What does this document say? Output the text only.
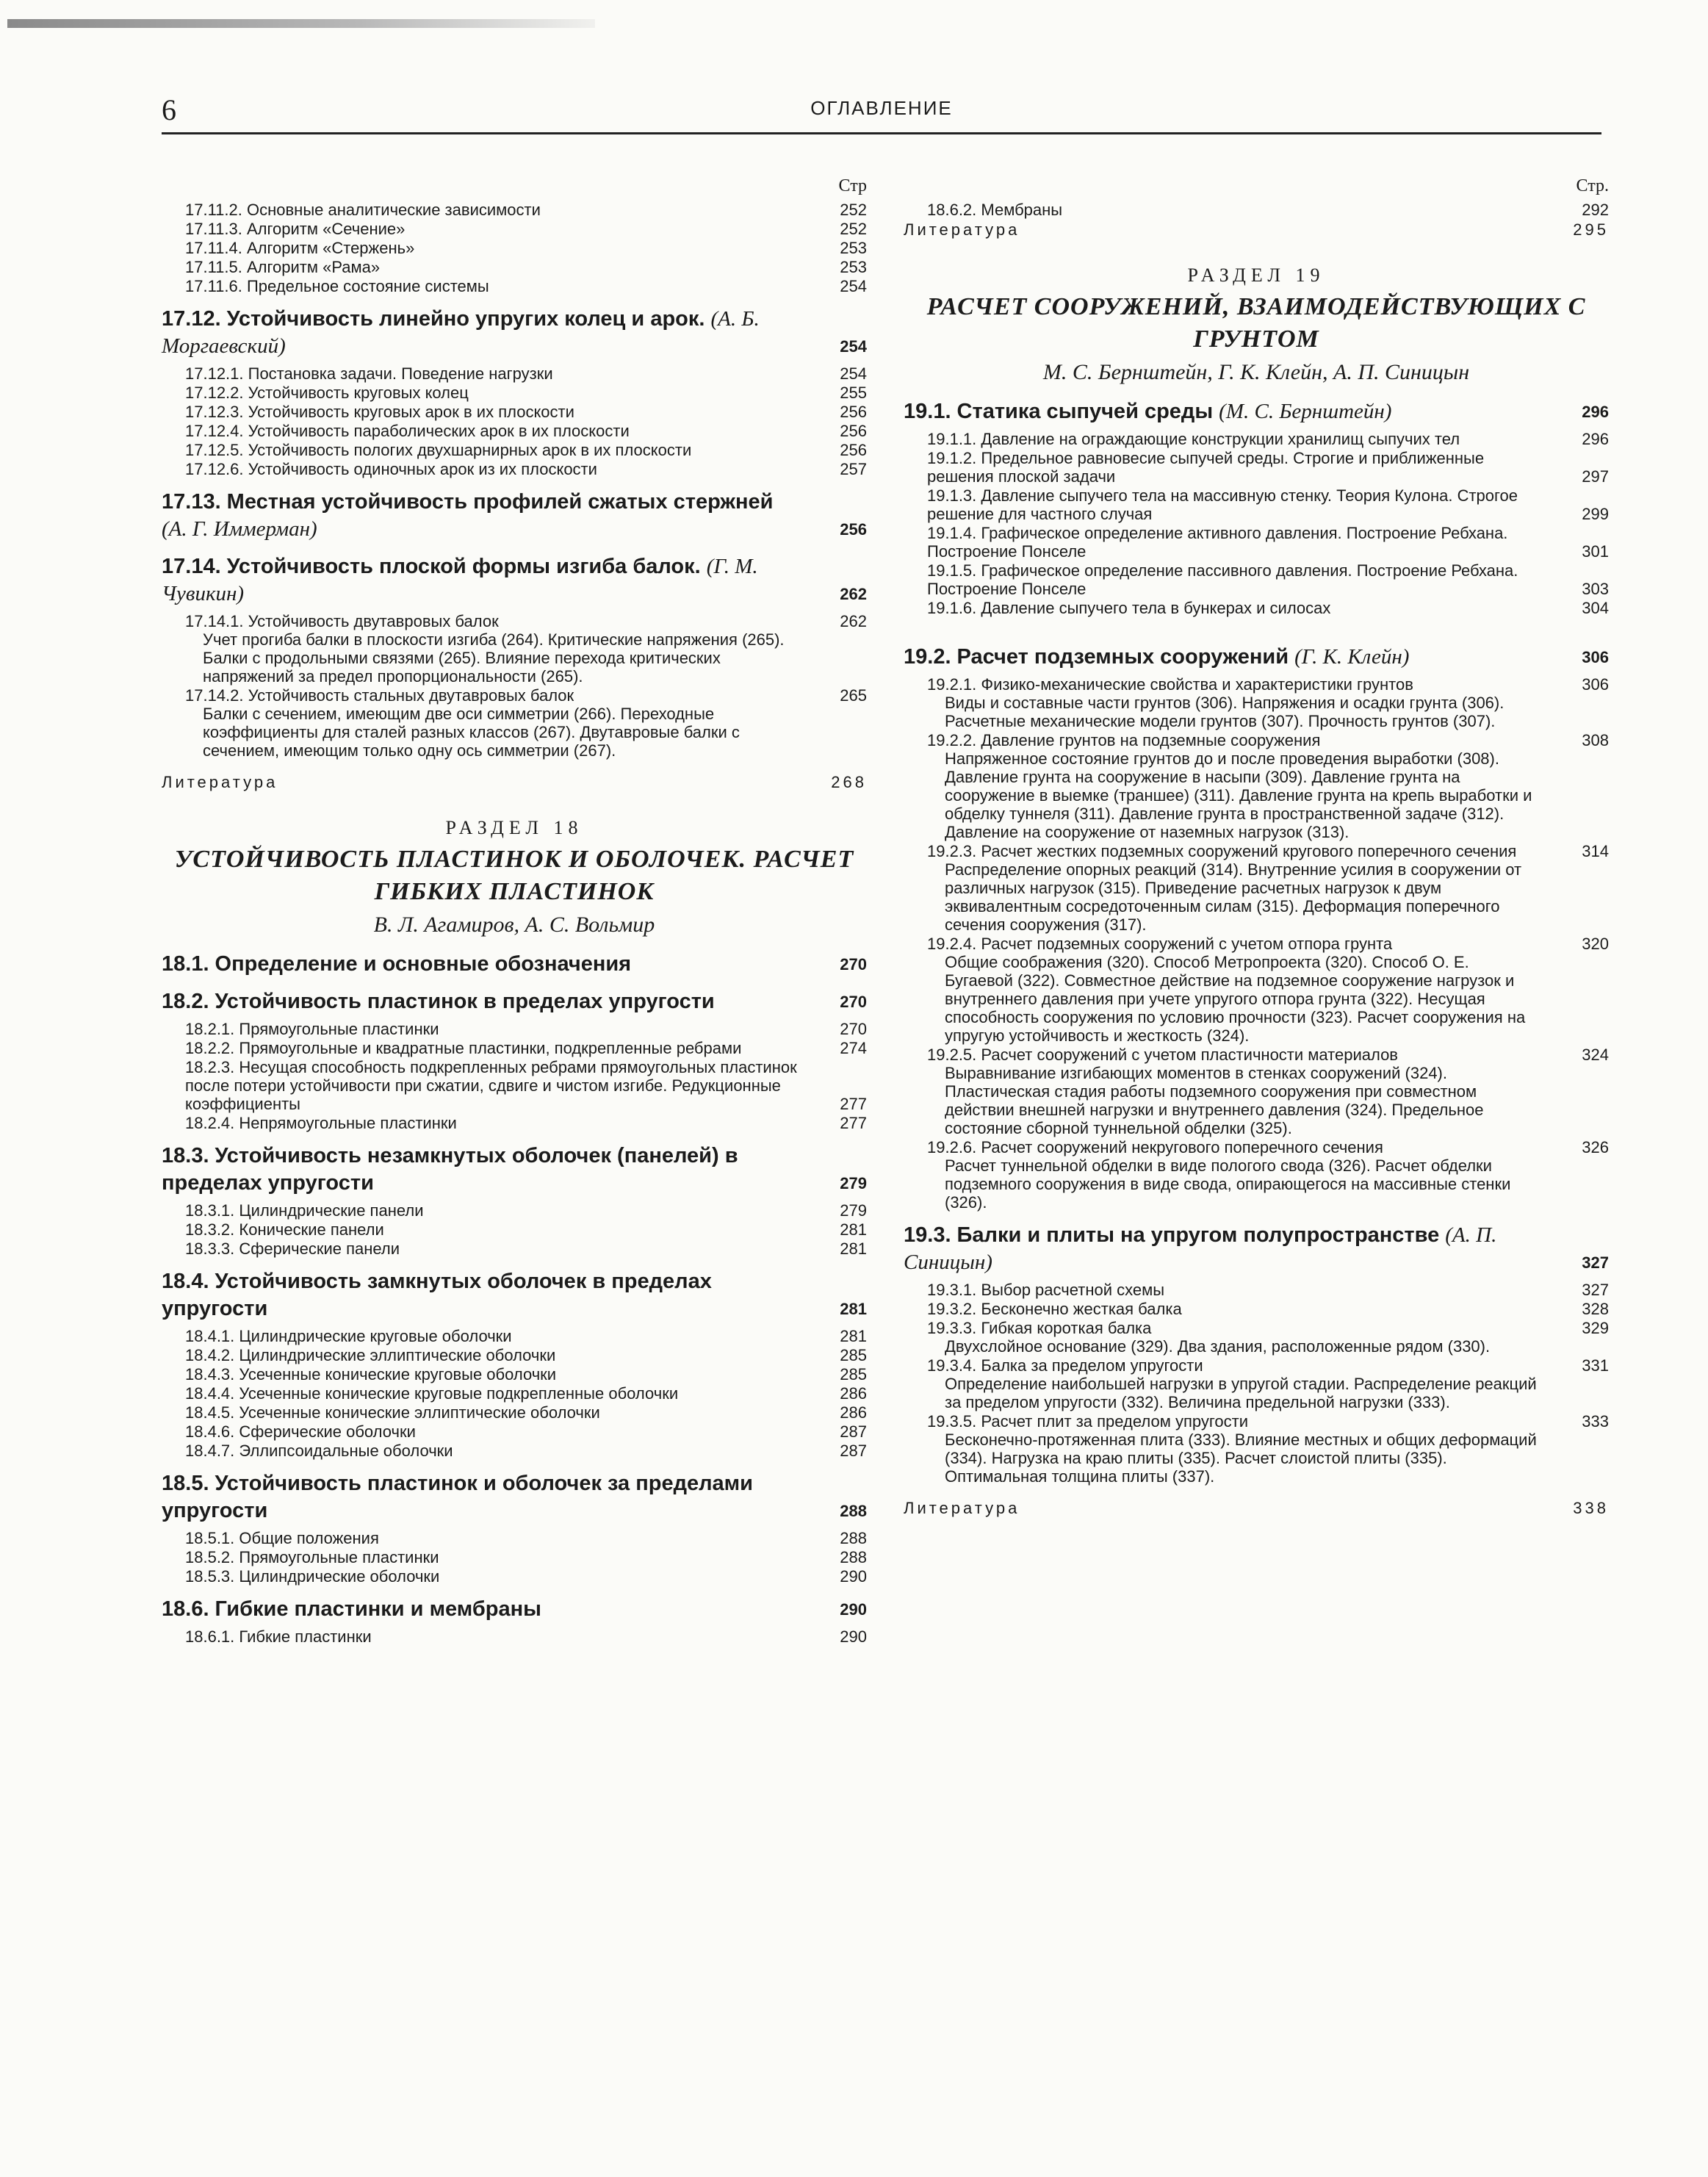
6	ОГЛАВЛЕНИЕ
Стр
17.11.2. Основные аналитические зависимости	252
17.11.3. Алгоритм «Сечение»	252
17.11.4. Алгоритм «Стержень»	253
17.11.5. Алгоритм «Рама»	253
17.11.6. Предельное состояние системы	254
17.12. Устойчивость линейно упругих колец и арок. (А. Б. Моргаевский)	254
17.12.1. Постановка задачи. Поведение нагрузки	254
17.12.2. Устойчивость круговых колец	255
17.12.3. Устойчивость круговых арок в их плоскости	256
17.12.4. Устойчивость параболических арок в их плоскости	256
17.12.5. Устойчивость пологих двухшарнирных арок в их плоскости	256
17.12.6. Устойчивость одиночных арок из их плоскости	257
17.13. Местная устойчивость профилей сжатых стержней (А. Г. Иммерман)	256
17.14. Устойчивость плоской формы изгиба балок. (Г. М. Чувикин)	262
17.14.1. Устойчивость двутавровых балок	262
Учет прогиба балки в плоскости изгиба (264). Критические напряжения (265). Балки с продольными связями (265). Влияние перехода критических напряжений за предел пропорциональности (265).
17.14.2. Устойчивость стальных двутавровых балок	265
Балки с сечением, имеющим две оси симметрии (266). Переходные коэффициенты для сталей разных классов (267). Двутавровые балки с сечением, имеющим только одну ось симметрии (267).
Литература	268
РАЗДЕЛ 18
УСТОЙЧИВОСТЬ ПЛАСТИНОК И ОБОЛОЧЕК. РАСЧЕТ ГИБКИХ ПЛАСТИНОК
В. Л. Агамиров, А. С. Вольмир
18.1. Определение и основные обозначения	270
18.2. Устойчивость пластинок в пределах упругости	270
18.2.1. Прямоугольные пластинки	270
18.2.2. Прямоугольные и квадратные пластинки, подкрепленные ребрами	274
18.2.3. Несущая способность подкрепленных ребрами прямоугольных пластинок после потери устойчивости при сжатии, сдвиге и чистом изгибе. Редукционные коэффициенты	277
18.2.4. Непрямоугольные пластинки	277
18.3. Устойчивость незамкнутых оболочек (панелей) в пределах упругости	279
18.3.1. Цилиндрические панели	279
18.3.2. Конические панели	281
18.3.3. Сферические панели	281
18.4. Устойчивость замкнутых оболочек в пределах упругости	281
18.4.1. Цилиндрические круговые оболочки	281
18.4.2. Цилиндрические эллиптические оболочки	285
18.4.3. Усеченные конические круговые оболочки	285
18.4.4. Усеченные конические круговые подкрепленные оболочки	286
18.4.5. Усеченные конические эллиптические оболочки	286
18.4.6. Сферические оболочки	287
18.4.7. Эллипсоидальные оболочки	287
18.5. Устойчивость пластинок и оболочек за пределами упругости	288
18.5.1. Общие положения	288
18.5.2. Прямоугольные пластинки	288
18.5.3. Цилиндрические оболочки	290
18.6. Гибкие пластинки и мембраны	290
18.6.1. Гибкие пластинки	290
Стр.
18.6.2. Мембраны	292
Литература	295
РАЗДЕЛ 19
РАСЧЕТ СООРУЖЕНИЙ, ВЗАИМОДЕЙСТВУЮЩИХ С ГРУНТОМ
М. С. Бернштейн, Г. К. Клейн, А. П. Синицын
19.1. Статика сыпучей среды (М. С. Бернштейн)	296
19.1.1. Давление на ограждающие конструкции хранилищ сыпучих тел	296
19.1.2. Предельное равновесие сыпучей среды. Строгие и приближенные решения плоской задачи	297
19.1.3. Давление сыпучего тела на массивную стенку. Теория Кулона. Строгое решение для частного случая	299
19.1.4. Графическое определение активного давления. Построение Ребхана. Построение Понселе	301
19.1.5. Графическое определение пассивного давления. Построение Ребхана. Построение Понселе	303
19.1.6. Давление сыпучего тела в бункерах и силосах	304
19.2. Расчет подземных сооружений (Г. К. Клейн)	306
19.2.1. Физико-механические свойства и характеристики грунтов	306
Виды и составные части грунтов (306). Напряжения и осадки грунта (306). Расчетные механические модели грунтов (307). Прочность грунтов (307).
19.2.2. Давление грунтов на подземные сооружения	308
Напряженное состояние грунтов до и после проведения выработки (308). Давление грунта на сооружение в насыпи (309). Давление грунта на сооружение в выемке (траншее) (311). Давление грунта на крепь выработки и обделку туннеля (311). Давление грунта в пространственной задаче (312). Давление на сооружение от наземных нагрузок (313).
19.2.3. Расчет жестких подземных сооружений кругового поперечного сечения	314
Распределение опорных реакций (314). Внутренние усилия в сооружении от различных нагрузок (315). Приведение расчетных нагрузок к двум эквивалентным сосредоточенным силам (315). Деформация поперечного сечения сооружения (317).
19.2.4. Расчет подземных сооружений с учетом отпора грунта	320
Общие соображения (320). Способ Метропроекта (320). Способ О. Е. Бугаевой (322). Совместное действие на подземное сооружение нагрузок и внутреннего давления при учете упругого отпора грунта (322). Несущая способность сооружения по условию прочности (323). Расчет сооружения на упругую устойчивость и жесткость (324).
19.2.5. Расчет сооружений с учетом пластичности материалов	324
Выравнивание изгибающих моментов в стенках сооружений (324). Пластическая стадия работы подземного сооружения при совместном действии внешней нагрузки и внутреннего давления (324). Предельное состояние сборной туннельной обделки (325).
19.2.6. Расчет сооружений некругового поперечного сечения	326
Расчет туннельной обделки в виде пологого свода (326). Расчет обделки подземного сооружения в виде свода, опирающегося на массивные стенки (326).
19.3. Балки и плиты на упругом полупространстве (А. П. Синицын)	327
19.3.1. Выбор расчетной схемы	327
19.3.2. Бесконечно жесткая балка	328
19.3.3. Гибкая короткая балка	329
Двухслойное основание (329). Два здания, расположенные рядом (330).
19.3.4. Балка за пределом упругости	331
Определение наибольшей нагрузки в упругой стадии. Распределение реакций за пределом упругости (332). Величина предельной нагрузки (333).
19.3.5. Расчет плит за пределом упругости	333
Бесконечно-протяженная плита (333). Влияние местных и общих деформаций (334). Нагрузка на краю плиты (335). Расчет слоистой плиты (335). Оптимальная толщина плиты (337).
Литература	338
